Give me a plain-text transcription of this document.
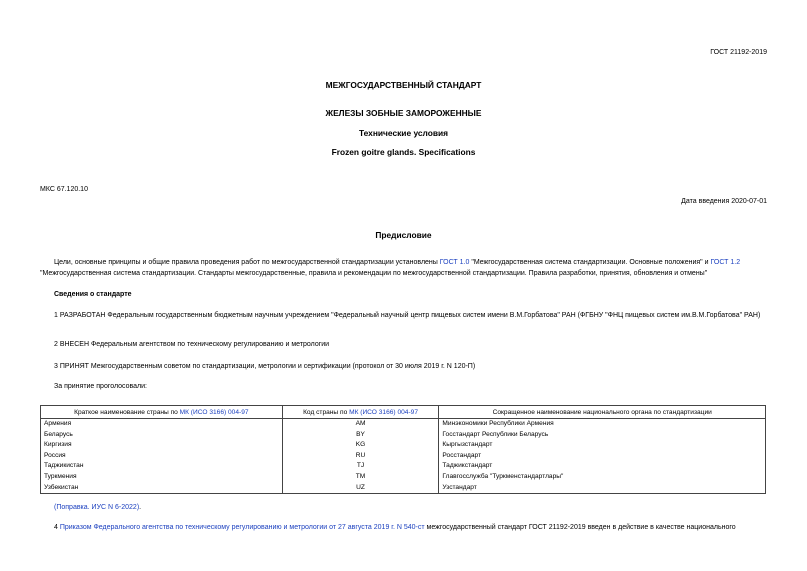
ГОСТ 21192-2019
МЕЖГОСУДАРСТВЕННЫЙ СТАНДАРТ
ЖЕЛЕЗЫ ЗОБНЫЕ ЗАМОРОЖЕННЫЕ
Технические условия
Frozen goitre glands. Specifications
МКС 67.120.10
Дата введения 2020-07-01
Предисловие
Цели, основные принципы и общие правила проведения работ по межгосударственной стандартизации установлены ГОСТ 1.0 "Межгосударственная система стандартизации. Основные положения" и ГОСТ 1.2 "Межгосударственная система стандартизации. Стандарты межгосударственные, правила и рекомендации по межгосударственной стандартизации. Правила разработки, принятия, обновления и отмены"
Сведения о стандарте
1 РАЗРАБОТАН Федеральным государственным бюджетным научным учреждением "Федеральный научный центр пищевых систем имени В.М.Горбатова" РАН (ФГБНУ "ФНЦ пищевых систем им.В.М.Горбатова" РАН)
2 ВНЕСЕН Федеральным агентством по техническому регулированию и метрологии
3 ПРИНЯТ Межгосударственным советом по стандартизации, метрологии и сертификации (протокол от 30 июля 2019 г. N 120-П)
За принятие проголосовали:
Краткое наименование страны по МК (ИСО 3166) 004-97	Код страны по МК (ИСО 3166) 004-97	Сокращенное наименование национального органа по стандартизации
Армения	AM	Минэкономики Республики Армения
Беларусь	BY	Госстандарт Республики Беларусь
Киргизия	KG	Кыргызстандарт
Россия	RU	Росстандарт
Таджикистан	TJ	Таджикстандарт
Туркмения	TM	Главгосслужба "Туркменстандартлары"
Узбекистан	UZ	Узстандарт
(Поправка. ИУС N 6-2022).
4 Приказом Федерального агентства по техническому регулированию и метрологии от 27 августа 2019 г. N 540-ст межгосударственный стандарт ГОСТ 21192-2019 введен в действие в качестве национального
